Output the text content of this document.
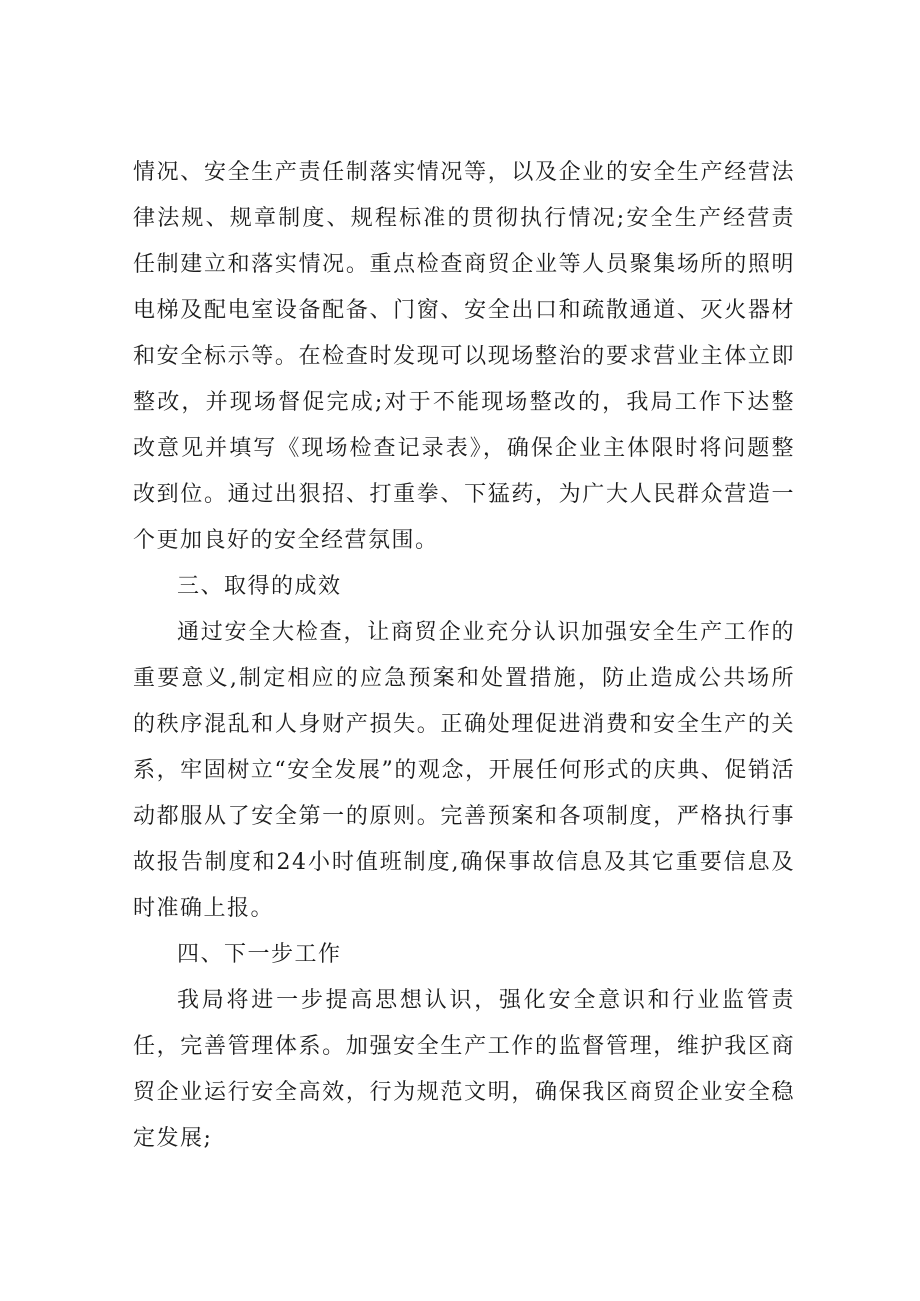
情况、安全生产责任制落实情况等，以及企业的安全生产经营法律法规、规章制度、规程标准的贯彻执行情况;安全生产经营责任制建立和落实情况。重点检查商贸企业等人员聚集场所的照明电梯及配电室设备配备、门窗、安全出口和疏散通道、灭火器材和安全标示等。在检查时发现可以现场整治的要求营业主体立即整改，并现场督促完成;对于不能现场整改的，我局工作下达整改意见并填写《现场检查记录表》，确保企业主体限时将问题整改到位。通过出狠招、打重拳、下猛药，为广大人民群众营造一个更加良好的安全经营氛围。

三、取得的成效

通过安全大检查，让商贸企业充分认识加强安全生产工作的重要意义,制定相应的应急预案和处置措施，防止造成公共场所的秩序混乱和人身财产损失。正确处理促进消费和安全生产的关系，牢固树立“安全发展”的观念，开展任何形式的庆典、促销活动都服从了安全第一的原则。完善预案和各项制度，严格执行事故报告制度和24小时值班制度,确保事故信息及其它重要信息及时准确上报。

四、下一步工作

我局将进一步提高思想认识，强化安全意识和行业监管责任，完善管理体系。加强安全生产工作的监督管理，维护我区商贸企业运行安全高效，行为规范文明，确保我区商贸企业安全稳定发展;
